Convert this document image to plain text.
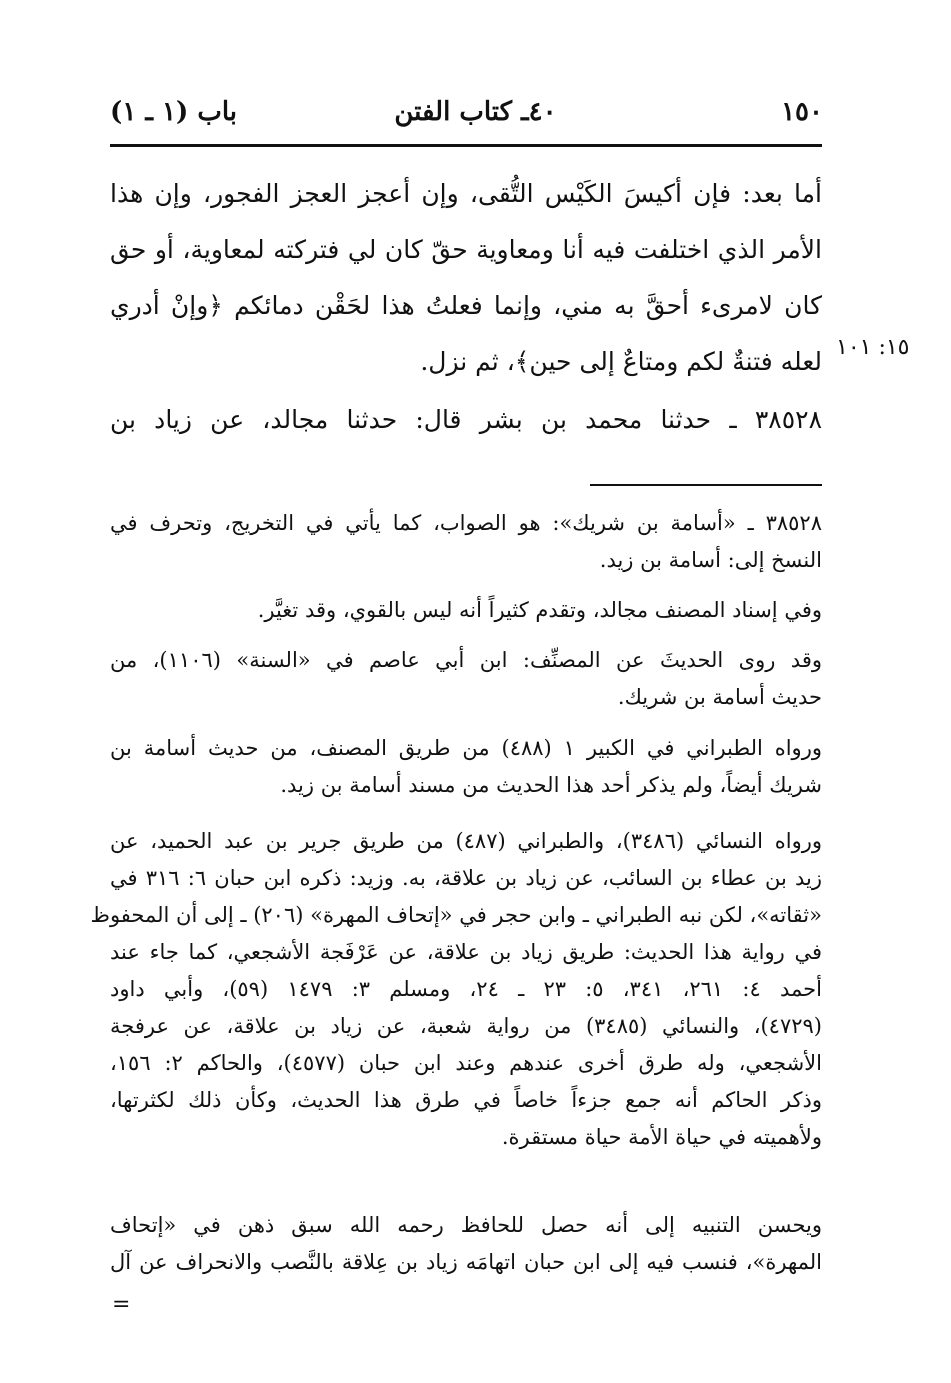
١٥٠
٤٠ـ كتاب الفتن
باب (١ ـ ١)
أما بعد: فإن أكيسَ الكَيْس التُّقى، وإن أعجز العجز الفجور، وإن هذا
الأمر الذي اختلفت فيه أنا ومعاوية حقّ كان لي فتركته لمعاوية، أو حق
كان لامرىء أحقَّ به مني، وإنما فعلتُ هذا لحَقْن دمائكم ﴿وإنْ أدري
لعله فتنةٌ لكم ومتاعٌ إلى حين﴾، ثم نزل. ١٥: ١٠١
٣٨٥٢٨ ـ حدثنا محمد بن بشر قال: حدثنا مجالد، عن زياد بن
٣٨٥٢٨ ـ «أسامة بن شريك»: هو الصواب، كما يأتي في التخريج، وتحرف في
النسخ إلى: أسامة بن زيد.
وفي إسناد المصنف مجالد، وتقدم كثيراً أنه ليس بالقوي، وقد تغيَّر.
وقد روى الحديثَ عن المصنِّف: ابن أبي عاصم في «السنة» (١١٠٦)، من
حديث أسامة بن شريك.
ورواه الطبراني في الكبير ١ (٤٨٨) من طريق المصنف، من حديث أسامة بن
شريك أيضاً، ولم يذكر أحد هذا الحديث من مسند أسامة بن زيد.
ورواه النسائي (٣٤٨٦)، والطبراني (٤٨٧) من طريق جرير بن عبد الحميد، عن
زيد بن عطاء بن السائب، عن زياد بن علاقة، به. وزيد: ذكره ابن حبان ٦: ٣١٦ في
«ثقاته»، لكن نبه الطبراني ـ وابن حجر في «إتحاف المهرة» (٢٠٦) ـ إلى أن المحفوظ
في رواية هذا الحديث: طريق زياد بن علاقة، عن عَرْفَجة الأشجعي، كما جاء عند
أحمد ٤: ٢٦١، ٣٤١، ٥: ٢٣ ـ ٢٤، ومسلم ٣: ١٤٧٩ (٥٩)، وأبي داود
(٤٧٢٩)، والنسائي (٣٤٨٥) من رواية شعبة، عن زياد بن علاقة، عن عرفجة
الأشجعي، وله طرق أخرى عندهم وعند ابن حبان (٤٥٧٧)، والحاكم ٢: ١٥٦،
وذكر الحاكم أنه جمع جزءاً خاصاً في طرق هذا الحديث، وكأن ذلك لكثرتها،
ولأهميته في حياة الأمة حياة مستقرة.
ويحسن التنبيه إلى أنه حصل للحافظ رحمه الله سبق ذهن في «إتحاف
المهرة»، فنسب فيه إلى ابن حبان اتهامَه زياد بن عِلاقة بالنَّصب والانحراف عن آل
=
